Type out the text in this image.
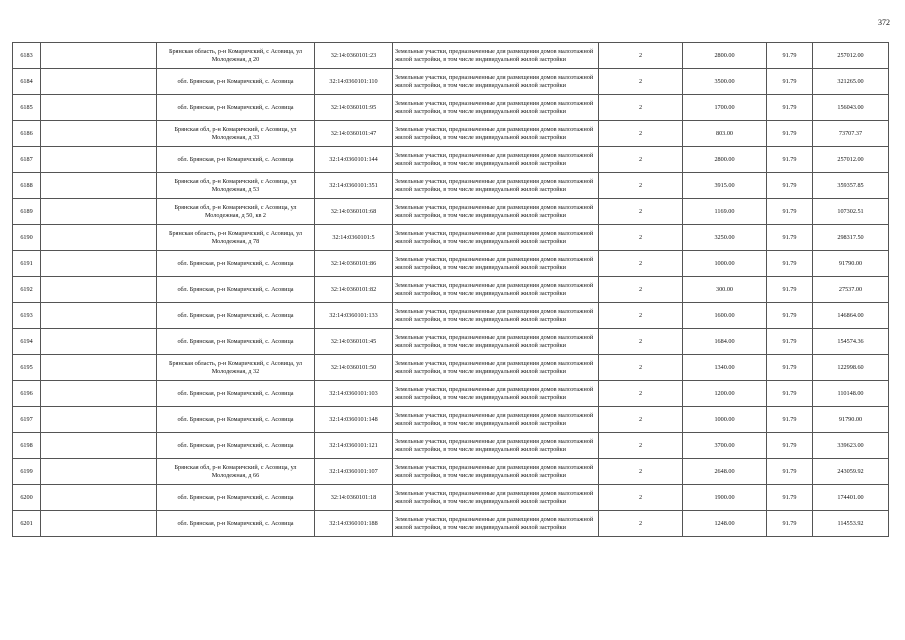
372
6183		Брянская область, р-н Комаричский, с Асовица, ул Молодежная, д 20	32:14:0360101:23	Земельные участки, предназначенные для размещения домов малоэтажной жилой застройки, в том числе индивидуальной жилой застройки	2	2800.00	91.79	257012.00
6184		обл. Брянская, р-н Комаричский, с. Асовица	32:14:0360101:110	Земельные участки, предназначенные для размещения домов малоэтажной жилой застройки, в том числе индивидуальной жилой застройки	2	3500.00	91.79	321265.00
6185		обл. Брянская, р-н Комаричский, с. Асовица	32:14:0360101:95	Земельные участки, предназначенные для размещения домов малоэтажной жилой застройки, в том числе индивидуальной жилой застройки	2	1700.00	91.79	156043.00
6186		Брянская обл, р-н Комаричский, с Асовица, ул Молодежная, д 33	32:14:0360101:47	Земельные участки, предназначенные для размещения домов малоэтажной жилой застройки, в том числе индивидуальной жилой застройки	2	803.00	91.79	73707.37
6187		обл. Брянская, р-н Комаричский, с. Асовица	32:14:0360101:144	Земельные участки, предназначенные для размещения домов малоэтажной жилой застройки, в том числе индивидуальной жилой застройки	2	2800.00	91.79	257012.00
6188		Брянская обл, р-н Комаричский, с Асовица, ул Молодежная, д 53	32:14:0360101:351	Земельные участки, предназначенные для размещения домов малоэтажной жилой застройки, в том числе индивидуальной жилой застройки	2	3915.00	91.79	359357.85
6189		Брянская обл, р-н Комаричский, с Асовица, ул Молодежная, д 50, кв 2	32:14:0360101:68	Земельные участки, предназначенные для размещения домов малоэтажной жилой застройки, в том числе индивидуальной жилой застройки	2	1169.00	91.79	107302.51
6190		Брянская область, р-н Комаричский, с Асовица, ул Молодежная, д 78	32:14:0360101:5	Земельные участки, предназначенные для размещения домов малоэтажной жилой застройки, в том числе индивидуальной жилой застройки	2	3250.00	91.79	298317.50
6191		обл. Брянская, р-н Комаричский, с. Асовица	32:14:0360101:86	Земельные участки, предназначенные для размещения домов малоэтажной жилой застройки, в том числе индивидуальной жилой застройки	2	1000.00	91.79	91790.00
6192		обл. Брянская, р-н Комаричский, с. Асовица	32:14:0360101:82	Земельные участки, предназначенные для размещения домов малоэтажной жилой застройки, в том числе индивидуальной жилой застройки	2	300.00	91.79	27537.00
6193		обл. Брянская, р-н Комаричский, с. Асовица	32:14:0360101:133	Земельные участки, предназначенные для размещения домов малоэтажной жилой застройки, в том числе индивидуальной жилой застройки	2	1600.00	91.79	146864.00
6194		обл. Брянская, р-н Комаричский, с. Асовица	32:14:0360101:45	Земельные участки, предназначенные для размещения домов малоэтажной жилой застройки, в том числе индивидуальной жилой застройки	2	1684.00	91.79	154574.36
6195		Брянская область, р-н Комаричский, с Асовица, ул Молодежная, д 32	32:14:0360101:50	Земельные участки, предназначенные для размещения домов малоэтажной жилой застройки, в том числе индивидуальной жилой застройки	2	1340.00	91.79	122998.60
6196		обл. Брянская, р-н Комаричский, с. Асовица	32:14:0360101:103	Земельные участки, предназначенные для размещения домов малоэтажной жилой застройки, в том числе индивидуальной жилой застройки	2	1200.00	91.79	110148.00
6197		обл. Брянская, р-н Комаричский, с. Асовица	32:14:0360101:148	Земельные участки, предназначенные для размещения домов малоэтажной жилой застройки, в том числе индивидуальной жилой застройки	2	1000.00	91.79	91790.00
6198		обл. Брянская, р-н Комаричский, с. Асовица	32:14:0360101:121	Земельные участки, предназначенные для размещения домов малоэтажной жилой застройки, в том числе индивидуальной жилой застройки	2	3700.00	91.79	339623.00
6199		Брянская обл, р-н Комаричский, с Асовица, ул Молодежная, д 66	32:14:0360101:107	Земельные участки, предназначенные для размещения домов малоэтажной жилой застройки, в том числе индивидуальной жилой застройки	2	2648.00	91.79	243059.92
6200		обл. Брянская, р-н Комаричский, с. Асовица	32:14:0360101:18	Земельные участки, предназначенные для размещения домов малоэтажной жилой застройки, в том числе индивидуальной жилой застройки	2	1900.00	91.79	174401.00
6201		обл. Брянская, р-н Комаричский, с. Асовица	32:14:0360101:188	Земельные участки, предназначенные для размещения домов малоэтажной жилой застройки, в том числе индивидуальной жилой застройки	2	1248.00	91.79	114553.92
